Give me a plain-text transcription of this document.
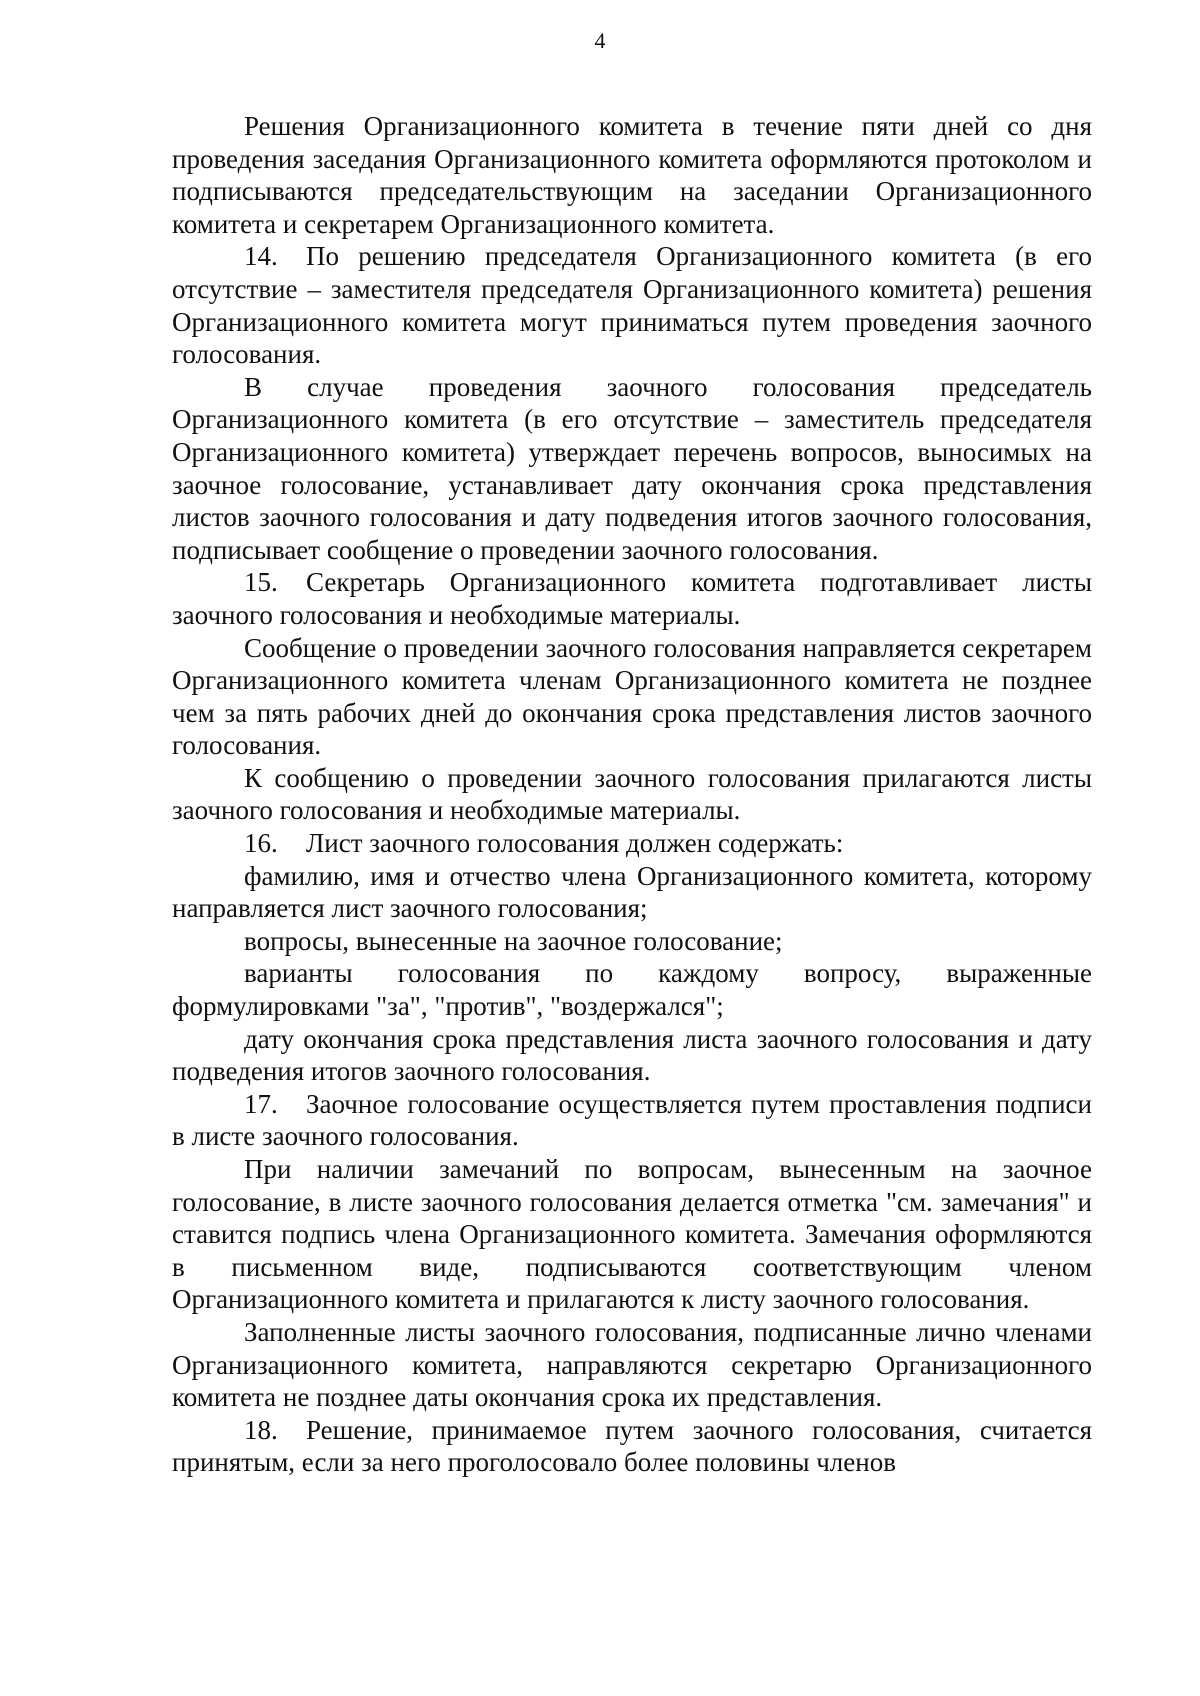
4

Решения Организационного комитета в течение пяти дней со дня проведения заседания Организационного комитета оформляются протоколом и подписываются председательствующим на заседании Организационного комитета и секретарем Организационного комитета.

14. По решению председателя Организационного комитета (в его отсутствие – заместителя председателя Организационного комитета) решения Организационного комитета могут приниматься путем проведения заочного голосования.

В случае проведения заочного голосования председатель Организационного комитета (в его отсутствие – заместитель председателя Организационного комитета) утверждает перечень вопросов, выносимых на заочное голосование, устанавливает дату окончания срока представления листов заочного голосования и дату подведения итогов заочного голосования, подписывает сообщение о проведении заочного голосования.

15. Секретарь Организационного комитета подготавливает листы заочного голосования и необходимые материалы.

Сообщение о проведении заочного голосования направляется секретарем Организационного комитета членам Организационного комитета не позднее чем за пять рабочих дней до окончания срока представления листов заочного голосования.

К сообщению о проведении заочного голосования прилагаются листы заочного голосования и необходимые материалы.

16. Лист заочного голосования должен содержать:

фамилию, имя и отчество члена Организационного комитета, которому направляется лист заочного голосования;

вопросы, вынесенные на заочное голосование;

варианты голосования по каждому вопросу, выраженные формулировками "за", "против", "воздержался";

дату окончания срока представления листа заочного голосования и дату подведения итогов заочного голосования.

17. Заочное голосование осуществляется путем проставления подписи в листе заочного голосования.

При наличии замечаний по вопросам, вынесенным на заочное голосование, в листе заочного голосования делается отметка "см. замечания" и ставится подпись члена Организационного комитета. Замечания оформляются в письменном виде, подписываются соответствующим членом Организационного комитета и прилагаются к листу заочного голосования.

Заполненные листы заочного голосования, подписанные лично членами Организационного комитета, направляются секретарю Организационного комитета не позднее даты окончания срока их представления.

18. Решение, принимаемое путем заочного голосования, считается принятым, если за него проголосовало более половины членов
